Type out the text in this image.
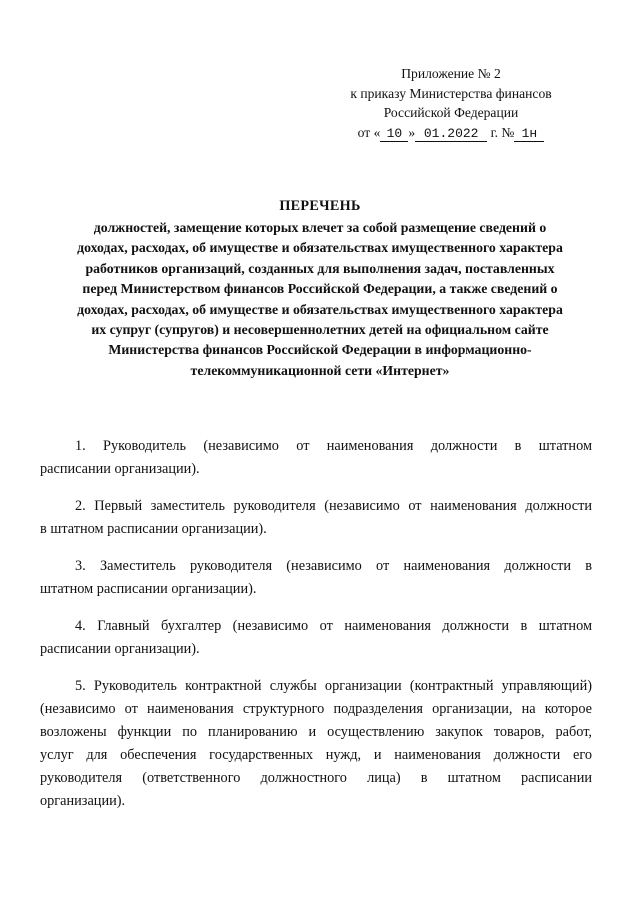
Приложение № 2
к приказу Министерства финансов
Российской Федерации
от « 10 » 01.2022 г. № 1н
ПЕРЕЧЕНЬ
должностей, замещение которых влечет за собой размещение сведений о
доходах, расходах, об имуществе и обязательствах имущественного характера
работников организаций, созданных для выполнения задач, поставленных
перед Министерством финансов Российской Федерации, а также сведений о
доходах, расходах, об имуществе и обязательствах имущественного характера
их супруг (супругов) и несовершеннолетних детей на официальном сайте
Министерства финансов Российской Федерации в информационно-
телекоммуникационной сети «Интернет»
1. Руководитель (независимо от наименования должности в штатном
расписании организации).
2. Первый заместитель руководителя (независимо от наименования должности
в штатном расписании организации).
3. Заместитель руководителя (независимо от наименования должности в
штатном расписании организации).
4. Главный бухгалтер (независимо от наименования должности в штатном
расписании организации).
5. Руководитель контрактной службы организации (контрактный управляющий)
(независимо от наименования структурного подразделения организации, на которое
возложены функции по планированию и осуществлению закупок товаров, работ,
услуг для обеспечения государственных нужд, и наименования должности его
руководителя (ответственного должностного лица) в штатном расписании
организации).
